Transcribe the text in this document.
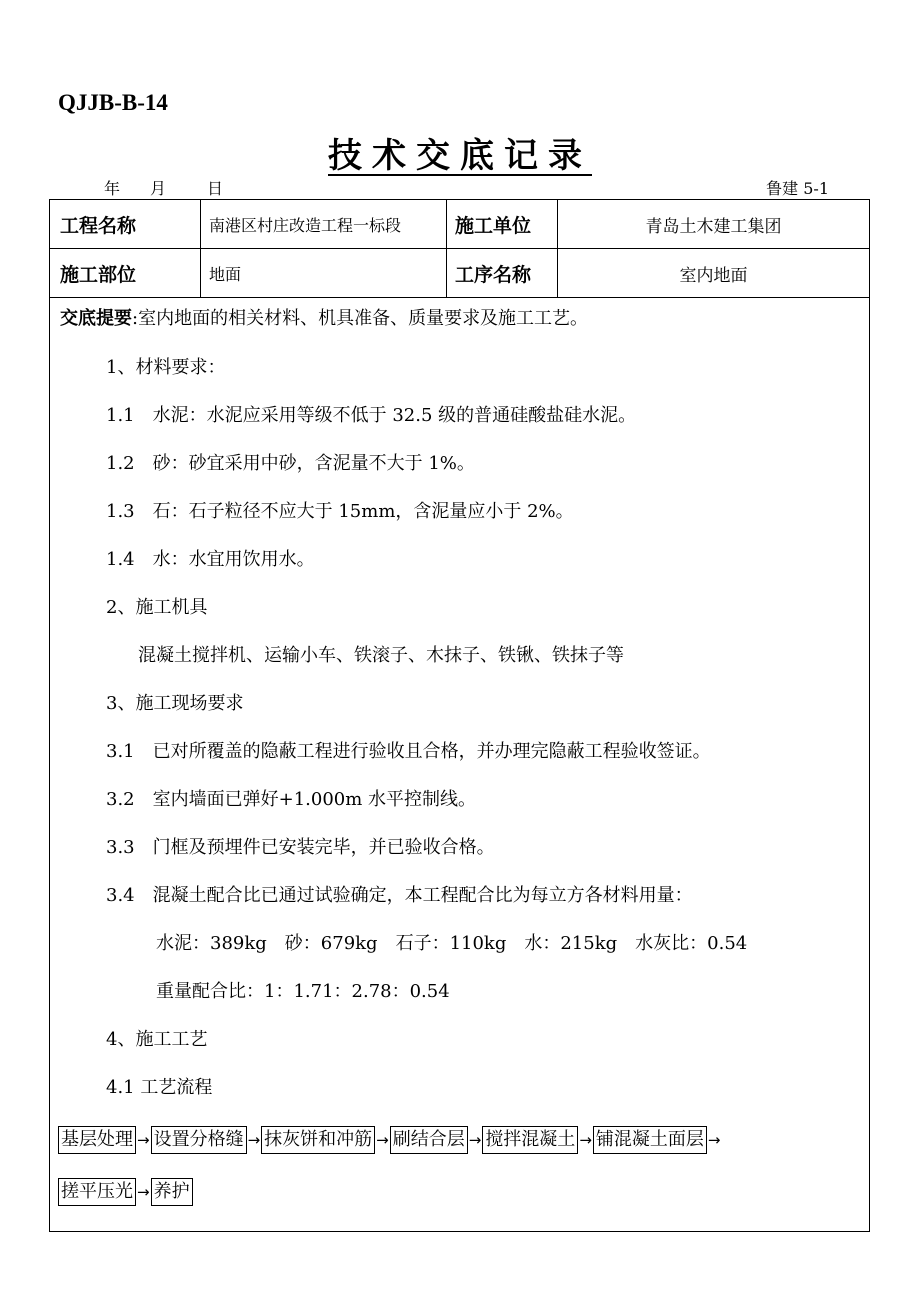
QJJB-B-14
技术交底记录
年 月	日	鲁建 5-1
工程名称	南港区村庄改造工程一标段	施工单位	青岛土木建工集团
施工部位	地面	工序名称	室内地面
交底提要:室内地面的相关材料、机具准备、质量要求及施工工艺。
1、材料要求：
1.1　水泥：水泥应采用等级不低于 32.5 级的普通硅酸盐硅水泥。
1.2　砂：砂宜采用中砂，含泥量不大于 1%。
1.3　石：石子粒径不应大于 15mm，含泥量应小于 2%。
1.4　水：水宜用饮用水。
2、施工机具
混凝土搅拌机、运输小车、铁滚子、木抹子、铁锹、铁抹子等
3、施工现场要求
3.1　已对所覆盖的隐蔽工程进行验收且合格，并办理完隐蔽工程验收签证。
3.2　室内墙面已弹好+1.000m 水平控制线。
3.3　门框及预埋件已安装完毕，并已验收合格。
3.4　混凝土配合比已通过试验确定，本工程配合比为每立方各材料用量：
水泥：389kg　砂：679kg　石子：110kg　水：215kg　水灰比：0.54
重量配合比：1：1.71：2.78：0.54
4、施工工艺
4.1 工艺流程
基层处理 → 设置分格缝 → 抹灰饼和冲筋 → 刷结合层 → 搅拌混凝土 → 铺混凝土面层 →
搓平压光 → 养护
